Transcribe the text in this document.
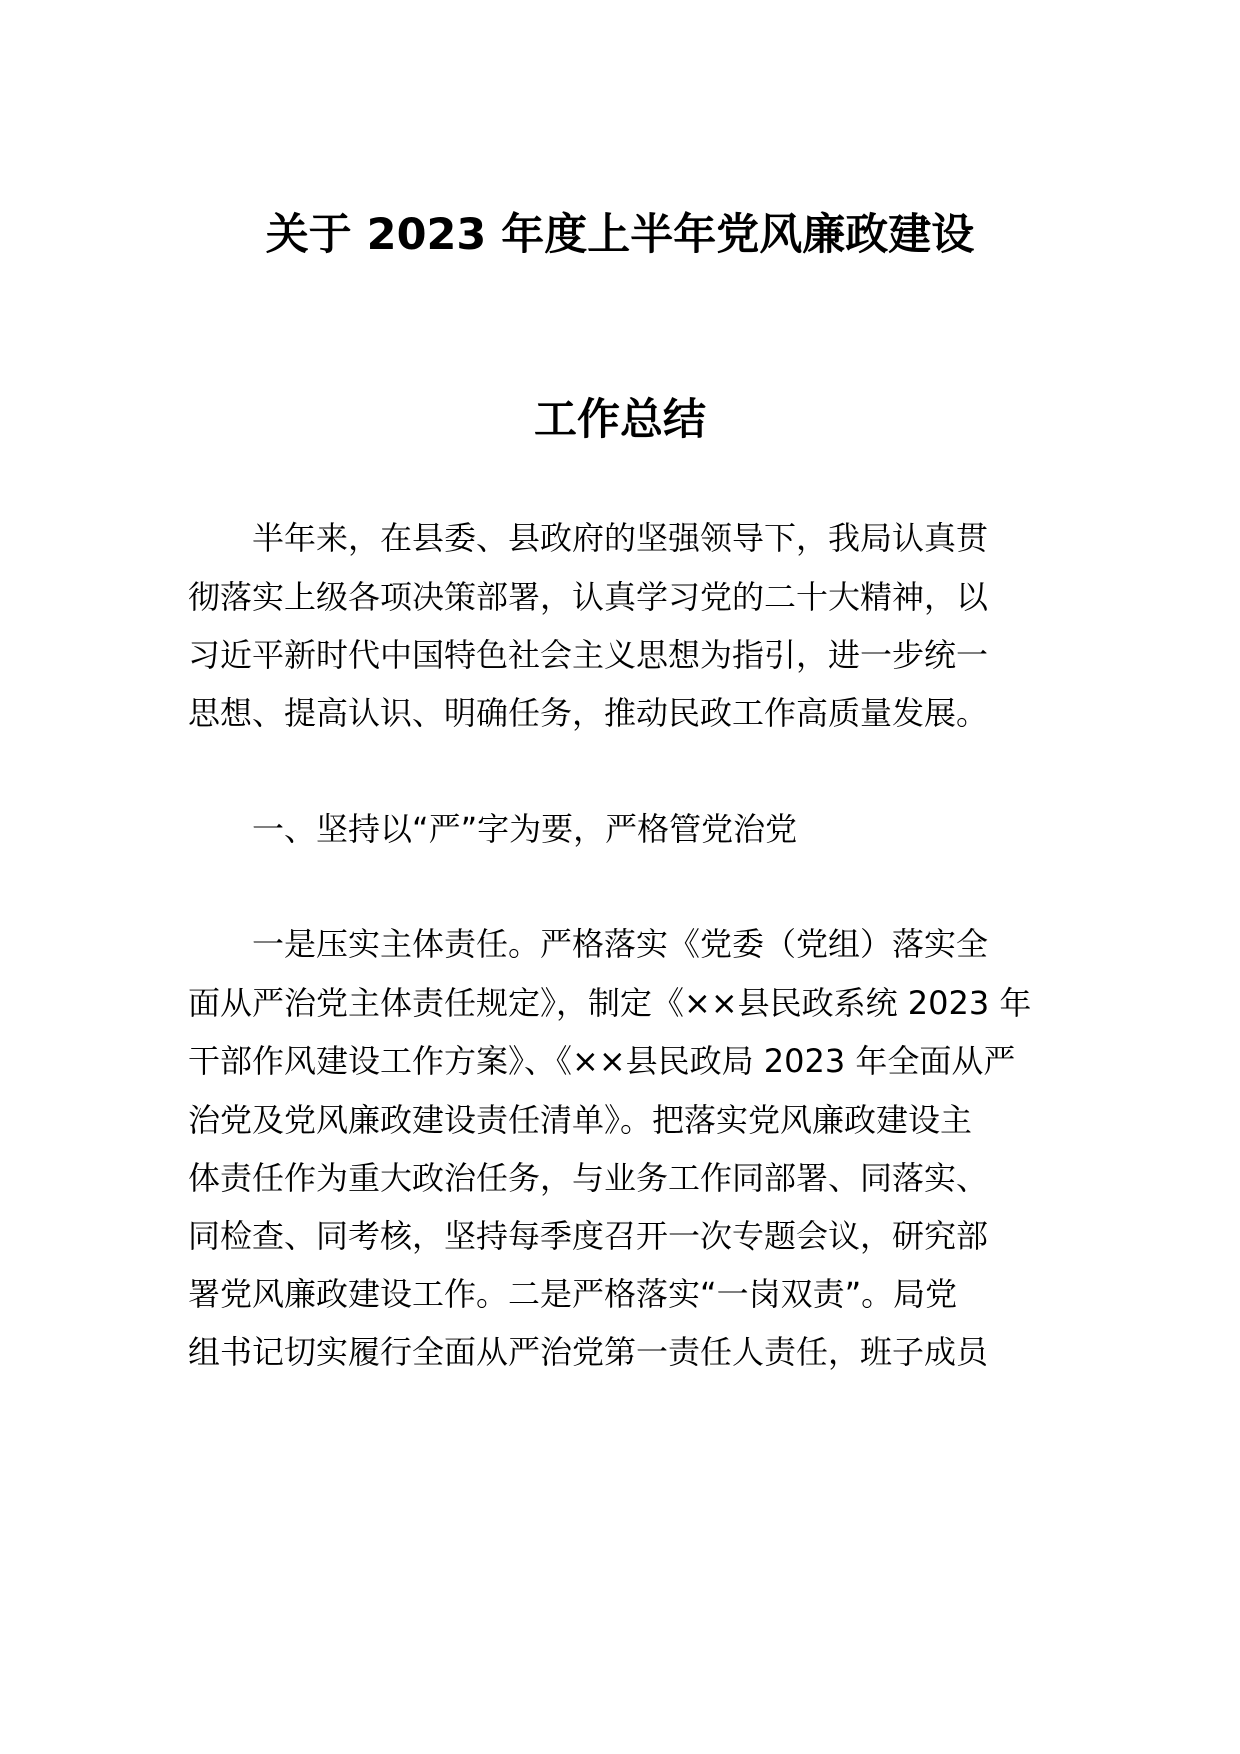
关于 2023 年度上半年党风廉政建设
工作总结
　　半年来，在县委、县政府的坚强领导下，我局认真贯
彻落实上级各项决策部署，认真学习党的二十大精神，以
习近平新时代中国特色社会主义思想为指引，进一步统一
思想、提高认识、明确任务，推动民政工作高质量发展。
　　一、坚持以“严”字为要，严格管党治党
　　一是压实主体责任。严格落实《党委（党组）落实全
面从严治党主体责任规定》，制定《××县民政系统 2023 年
干部作风建设工作方案》、《××县民政局 2023 年全面从严
治党及党风廉政建设责任清单》。把落实党风廉政建设主
体责任作为重大政治任务，与业务工作同部署、同落实、
同检查、同考核，坚持每季度召开一次专题会议，研究部
署党风廉政建设工作。二是严格落实“一岗双责”。局党
组书记切实履行全面从严治党第一责任人责任，班子成员
